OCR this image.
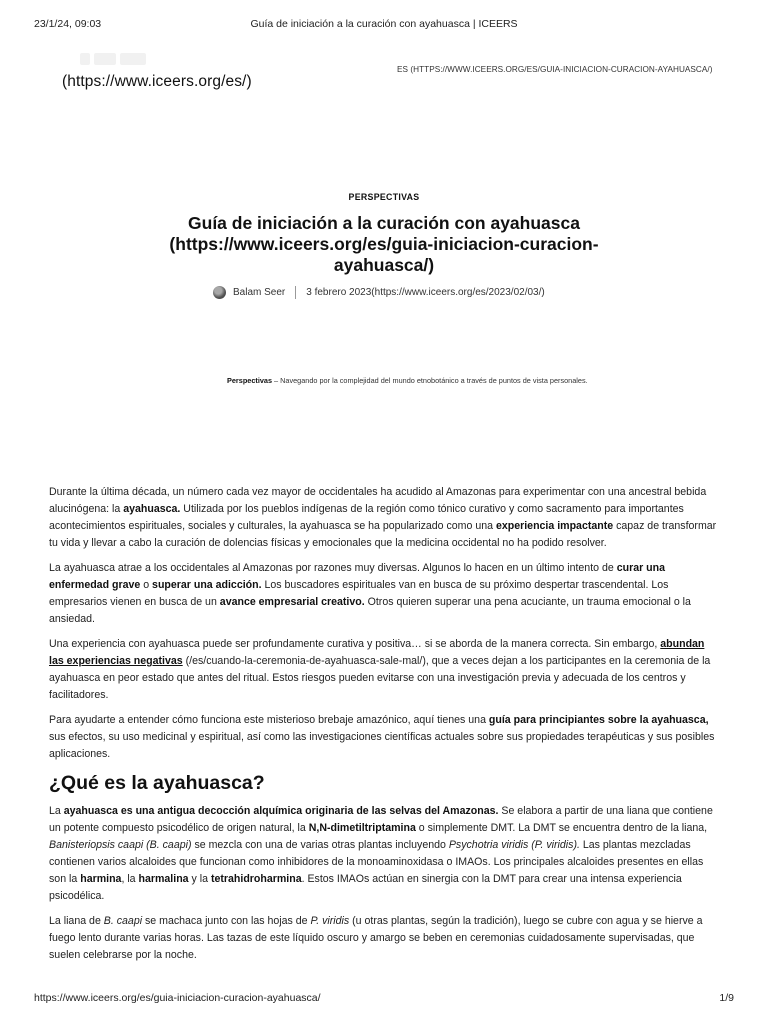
23/1/24, 09:03	Guía de iniciación a la curación con ayahuasca | ICEERS
(https://www.iceers.org/es/)
ES (HTTPS://WWW.ICEERS.ORG/ES/GUIA-INICIACION-CURACION-AYAHUASCA/)
PERSPECTIVAS
Guía de iniciación a la curación con ayahuasca (https://www.iceers.org/es/guia-iniciacion-curacion-ayahuasca/)
Balam Seer 3 febrero 2023(https://www.iceers.org/es/2023/02/03/)
Perspectivas – Navegando por la complejidad del mundo etnobotánico a través de puntos de vista personales.

Durante la última década, un número cada vez mayor de occidentales ha acudido al Amazonas para experimentar con una ancestral bebida alucinógena: la ayahuasca. Utilizada por los pueblos indígenas de la región como tónico curativo y como sacramento para importantes acontecimientos espirituales, sociales y culturales, la ayahuasca se ha popularizado como una experiencia impactante capaz de transformar tu vida y llevar a cabo la curación de dolencias físicas y emocionales que la medicina occidental no ha podido resolver.

La ayahuasca atrae a los occidentales al Amazonas por razones muy diversas. Algunos lo hacen en un último intento de curar una enfermedad grave o superar una adicción. Los buscadores espirituales van en busca de su próximo despertar trascendental. Los empresarios vienen en busca de un avance empresarial creativo. Otros quieren superar una pena acuciante, un trauma emocional o la ansiedad.

Una experiencia con ayahuasca puede ser profundamente curativa y positiva… si se aborda de la manera correcta. Sin embargo, abundan las experiencias negativas (/es/cuando-la-ceremonia-de-ayahuasca-sale-mal/), que a veces dejan a los participantes en la ceremonia de la ayahuasca en peor estado que antes del ritual. Estos riesgos pueden evitarse con una investigación previa y adecuada de los centros y facilitadores.

Para ayudarte a entender cómo funciona este misterioso brebaje amazónico, aquí tienes una guía para principiantes sobre la ayahuasca, sus efectos, su uso medicinal y espiritual, así como las investigaciones científicas actuales sobre sus propiedades terapéuticas y sus posibles aplicaciones.

¿Qué es la ayahuasca?

La ayahuasca es una antigua decocción alquímica originaria de las selvas del Amazonas. Se elabora a partir de una liana que contiene un potente compuesto psicodélico de origen natural, la N,N-dimetiltriptamina o simplemente DMT. La DMT se encuentra dentro de la liana, Banisteriopsis caapi (B. caapi) se mezcla con una de varias otras plantas incluyendo Psychotria viridis (P. viridis). Las plantas mezcladas contienen varios alcaloides que funcionan como inhibidores de la monoaminoxidasa o IMAOs. Los principales alcaloides presentes en ellas son la harmina, la harmalina y la tetrahidroharmina. Estos IMAOs actúan en sinergia con la DMT para crear una intensa experiencia psicodélica.

La liana de B. caapi se machaca junto con las hojas de P. viridis (u otras plantas, según la tradición), luego se cubre con agua y se hierve a fuego lento durante varias horas. Las tazas de este líquido oscuro y amargo se beben en ceremonias cuidadosamente supervisadas, que suelen celebrarse por la noche.

https://www.iceers.org/es/guia-iniciacion-curacion-ayahuasca/	1/9
